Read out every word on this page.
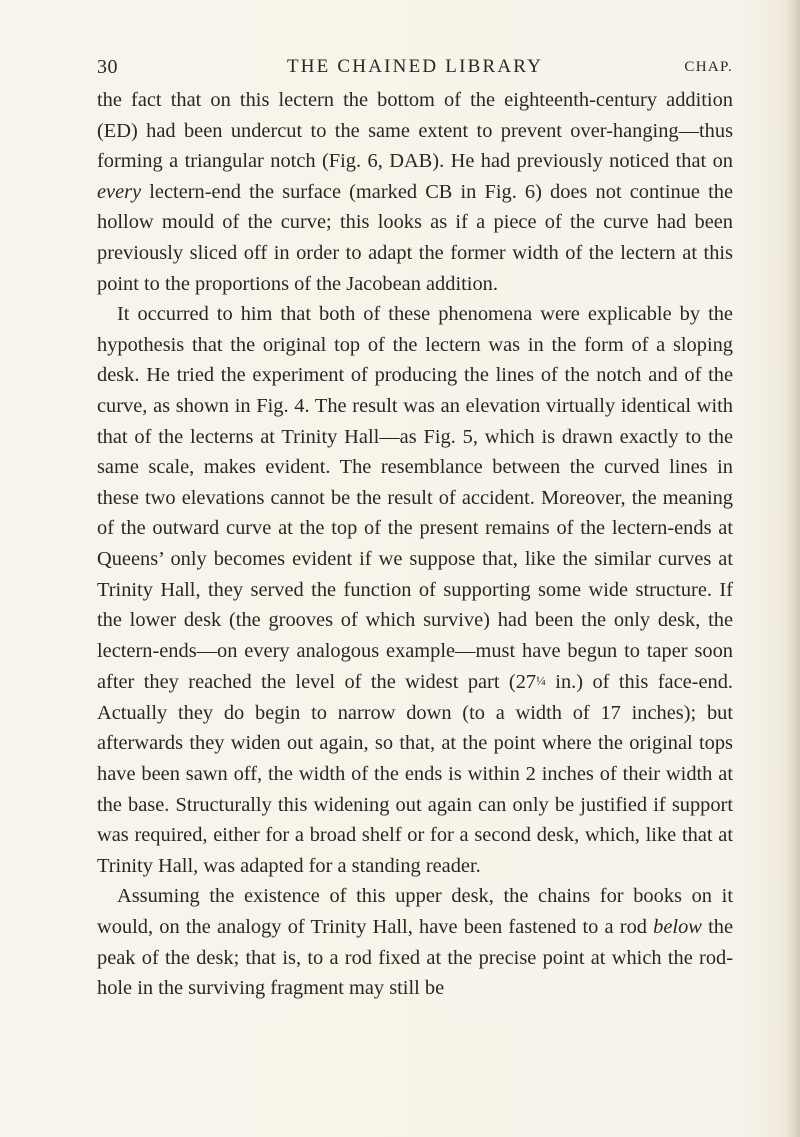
30	THE CHAINED LIBRARY	CHAP.

the fact that on this lectern the bottom of the eighteenth-century addition (ED) had been undercut to the same extent to prevent over-hanging—thus forming a triangular notch (Fig. 6, DAB). He had previously noticed that on every lectern-end the surface (marked CB in Fig. 6) does not continue the hollow mould of the curve; this looks as if a piece of the curve had been previously sliced off in order to adapt the former width of the lectern at this point to the proportions of the Jacobean addition.

It occurred to him that both of these phenomena were explicable by the hypothesis that the original top of the lectern was in the form of a sloping desk. He tried the experiment of producing the lines of the notch and of the curve, as shown in Fig. 4. The result was an elevation virtually identical with that of the lecterns at Trinity Hall—as Fig. 5, which is drawn exactly to the same scale, makes evident. The resemblance between the curved lines in these two elevations cannot be the result of accident. Moreover, the meaning of the outward curve at the top of the present remains of the lectern-ends at Queens’ only becomes evident if we suppose that, like the similar curves at Trinity Hall, they served the function of supporting some wide structure. If the lower desk (the grooves of which survive) had been the only desk, the lectern-ends—on every analogous example—must have begun to taper soon after they reached the level of the widest part (27¼ in.) of this face-end. Actually they do begin to narrow down (to a width of 17 inches); but afterwards they widen out again, so that, at the point where the original tops have been sawn off, the width of the ends is within 2 inches of their width at the base. Structurally this widening out again can only be justified if support was required, either for a broad shelf or for a second desk, which, like that at Trinity Hall, was adapted for a standing reader.

Assuming the existence of this upper desk, the chains for books on it would, on the analogy of Trinity Hall, have been fastened to a rod below the peak of the desk; that is, to a rod fixed at the precise point at which the rod-hole in the surviving fragment may still be
